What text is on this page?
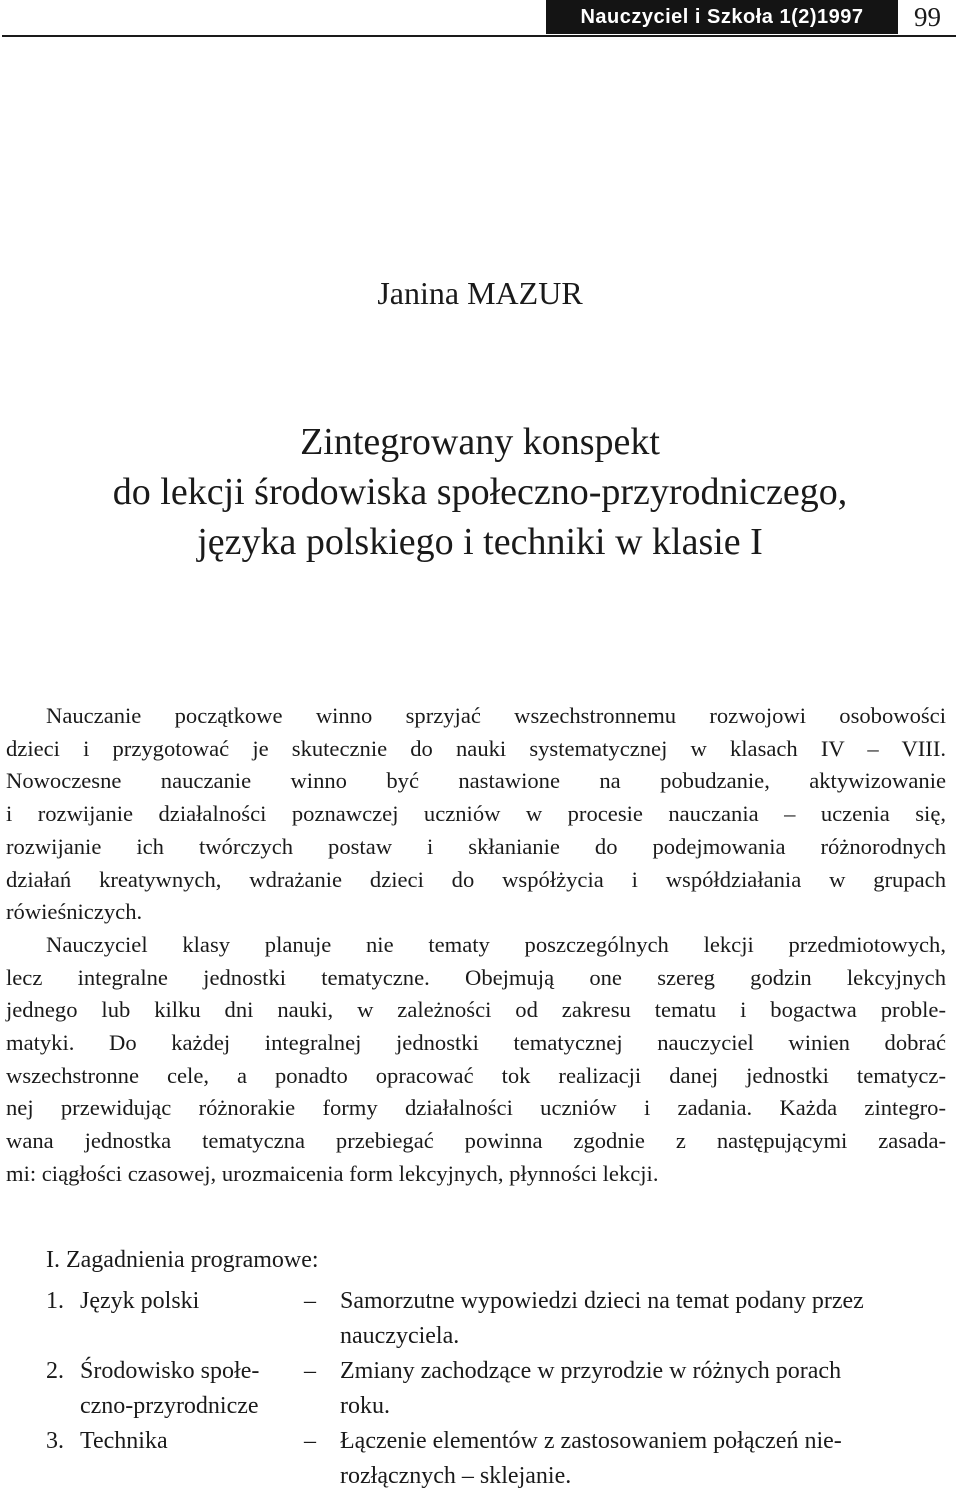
Nauczyciel i Szkoła 1(2)1997	99
Janina MAZUR
Zintegrowany konspekt
do lekcji środowiska społeczno-przyrodniczego,
języka polskiego i techniki w klasie I
Nauczanie początkowe winno sprzyjać wszechstronnemu rozwojowi osobowości
dzieci i przygotować je skutecznie do nauki systematycznej w klasach IV – VIII.
Nowoczesne nauczanie winno być nastawione na pobudzanie, aktywizowanie
i rozwijanie działalności poznawczej uczniów w procesie nauczania – uczenia się,
rozwijanie ich twórczych postaw i skłanianie do podejmowania różnorodnych
działań kreatywnych, wdrażanie dzieci do współżycia i współdziałania w grupach
rówieśniczych.
Nauczyciel klasy planuje nie tematy poszczególnych lekcji przedmiotowych,
lecz integralne jednostki tematyczne. Obejmują one szereg godzin lekcyjnych
jednego lub kilku dni nauki, w zależności od zakresu tematu i bogactwa proble-
matyki. Do każdej integralnej jednostki tematycznej nauczyciel winien dobrać
wszechstronne cele, a ponadto opracować tok realizacji danej jednostki tematycz-
nej przewidując różnorakie formy działalności uczniów i zadania. Każda zintegro-
wana jednostka tematyczna przebiegać powinna zgodnie z następującymi zasada-
mi: ciągłości czasowej, urozmaicenia form lekcyjnych, płynności lekcji.
I. Zagadnienia programowe:
1. Język polski	– Samorzutne wypowiedzi dzieci na temat podany przez
nauczyciela.
2. Środowisko społe-
czno-przyrodnicze
– Zmiany zachodzące w przyrodzie w różnych porach
roku.
3. Technika	– Łączenie elementów z zastosowaniem połączeń nie-
rozłącznych – sklejanie.
